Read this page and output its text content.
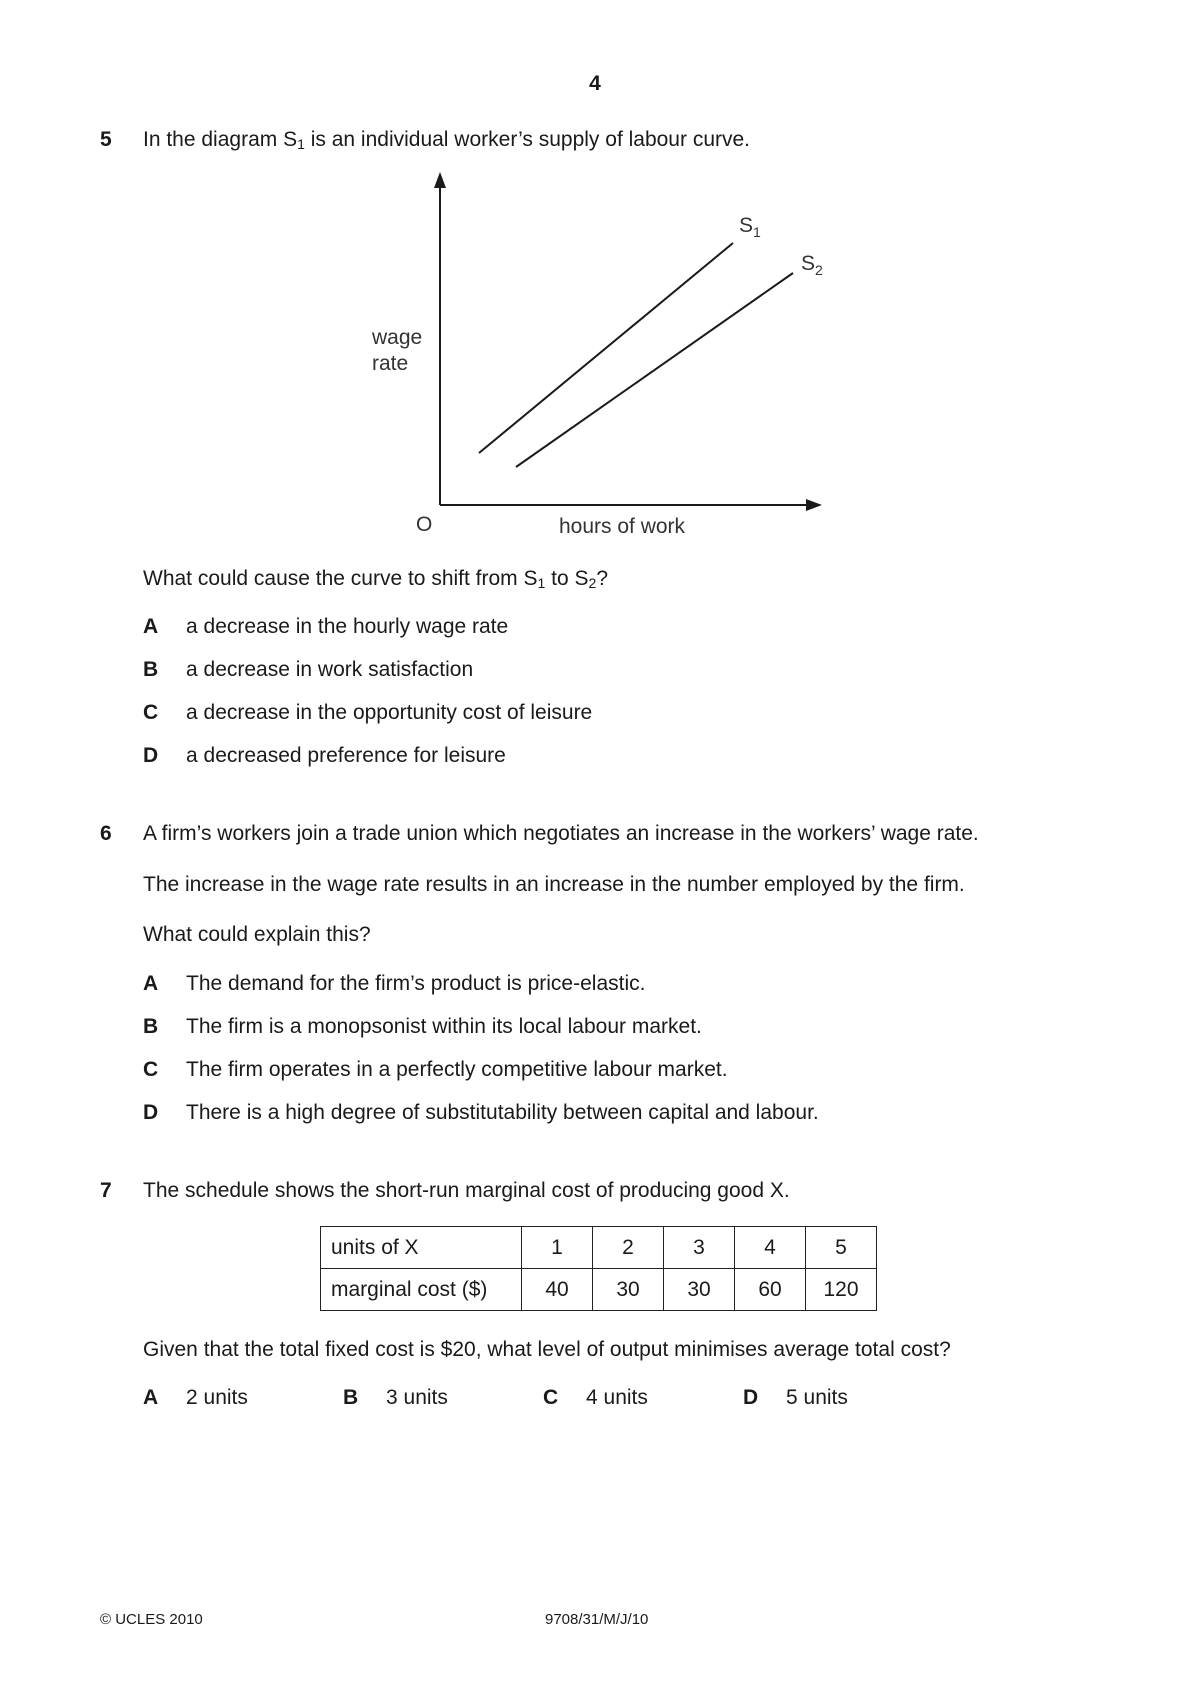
4
5 In the diagram $S_1$ is an individual worker’s supply of labour curve.
wage
rate
hours of work
O
$S_1$
$S_2$
What could cause the curve to shift from $S_1$ to $S_2$?
A a decrease in the hourly wage rate
B a decrease in work satisfaction
C a decrease in the opportunity cost of leisure
D a decreased preference for leisure
6 A firm’s workers join a trade union which negotiates an increase in the workers’ wage rate.
The increase in the wage rate results in an increase in the number employed by the firm.
What could explain this?
A The demand for the firm’s product is price-elastic.
B The firm is a monopsonist within its local labour market.
C The firm operates in a perfectly competitive labour market.
D There is a high degree of substitutability between capital and labour.
7 The schedule shows the short-run marginal cost of producing good X.
units of X	1	2	3	4	5
marginal cost ($)	40	30	30	60	120
Given that the total fixed cost is $20, what level of output minimises average total cost?
A 2 units	B 3 units	C 4 units	D 5 units
© UCLES 2010	9708/31/M/J/10
